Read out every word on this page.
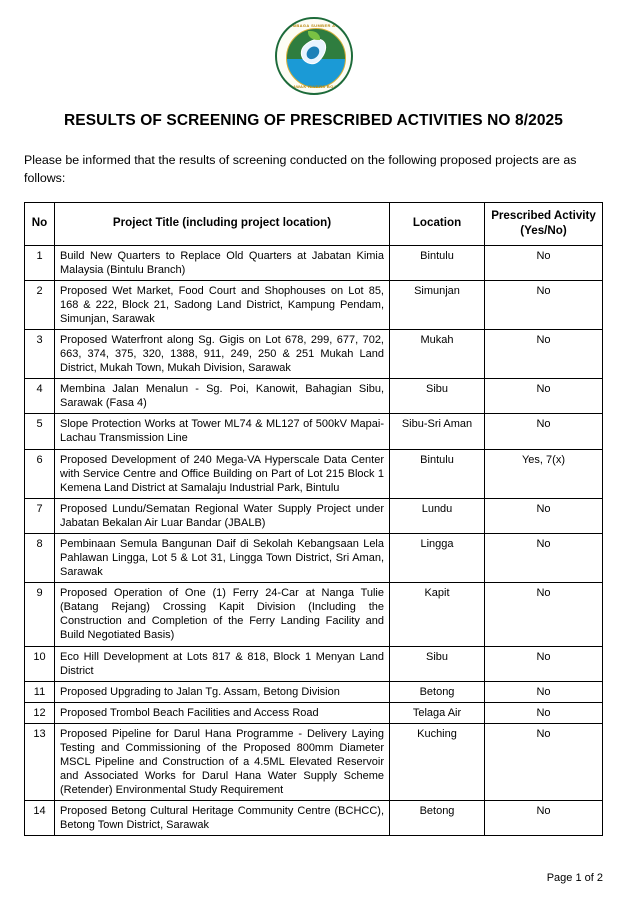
LEMBAGA SUMBER AIR
SARAWAK RIVERS BOARD
RESULTS OF SCREENING OF PRESCRIBED ACTIVITIES NO 8/2025

Please be informed that the results of screening conducted on the following proposed projects are as follows:

No	Project Title (including project location)	Location	Prescribed Activity
(Yes/No)
1	Build New Quarters to Replace Old Quarters at Jabatan Kimia Malaysia (Bintulu Branch)	Bintulu	No
2	Proposed Wet Market, Food Court and Shophouses on Lot 85, 168 & 222, Block 21, Sadong Land District, Kampung Pendam, Simunjan, Sarawak	Simunjan	No
3	Proposed Waterfront along Sg. Gigis on Lot 678, 299, 677, 702, 663, 374, 375, 320, 1388, 911, 249, 250 & 251 Mukah Land District, Mukah Town, Mukah Division, Sarawak	Mukah	No
4	Membina Jalan Menalun - Sg. Poi, Kanowit, Bahagian Sibu, Sarawak (Fasa 4)	Sibu	No
5	Slope Protection Works at Tower ML74 & ML127 of 500kV Mapai-Lachau Transmission Line	Sibu-Sri Aman	No
6	Proposed Development of 240 Mega-VA Hyperscale Data Center with Service Centre and Office Building on Part of Lot 215 Block 1 Kemena Land District at Samalaju Industrial Park, Bintulu	Bintulu	Yes, 7(x)
7	Proposed Lundu/Sematan Regional Water Supply Project under Jabatan Bekalan Air Luar Bandar (JBALB)	Lundu	No
8	Pembinaan Semula Bangunan Daif di Sekolah Kebangsaan Lela Pahlawan Lingga, Lot 5 & Lot 31, Lingga Town District, Sri Aman, Sarawak	Lingga	No
9	Proposed Operation of One (1) Ferry 24-Car at Nanga Tulie (Batang Rejang) Crossing Kapit Division (Including the Construction and Completion of the Ferry Landing Facility and Build Negotiated Basis)	Kapit	No
10	Eco Hill Development at Lots 817 & 818, Block 1 Menyan Land District	Sibu	No
11	Proposed Upgrading to Jalan Tg. Assam, Betong Division	Betong	No
12	Proposed Trombol Beach Facilities and Access Road	Telaga Air	No
13	Proposed Pipeline for Darul Hana Programme - Delivery Laying Testing and Commissioning of the Proposed 800mm Diameter MSCL Pipeline and Construction of a 4.5ML Elevated Reservoir and Associated Works for Darul Hana Water Supply Scheme (Retender) Environmental Study Requirement	Kuching	No
14	Proposed Betong Cultural Heritage Community Centre (BCHCC), Betong Town District, Sarawak	Betong	No
Page 1 of 2
